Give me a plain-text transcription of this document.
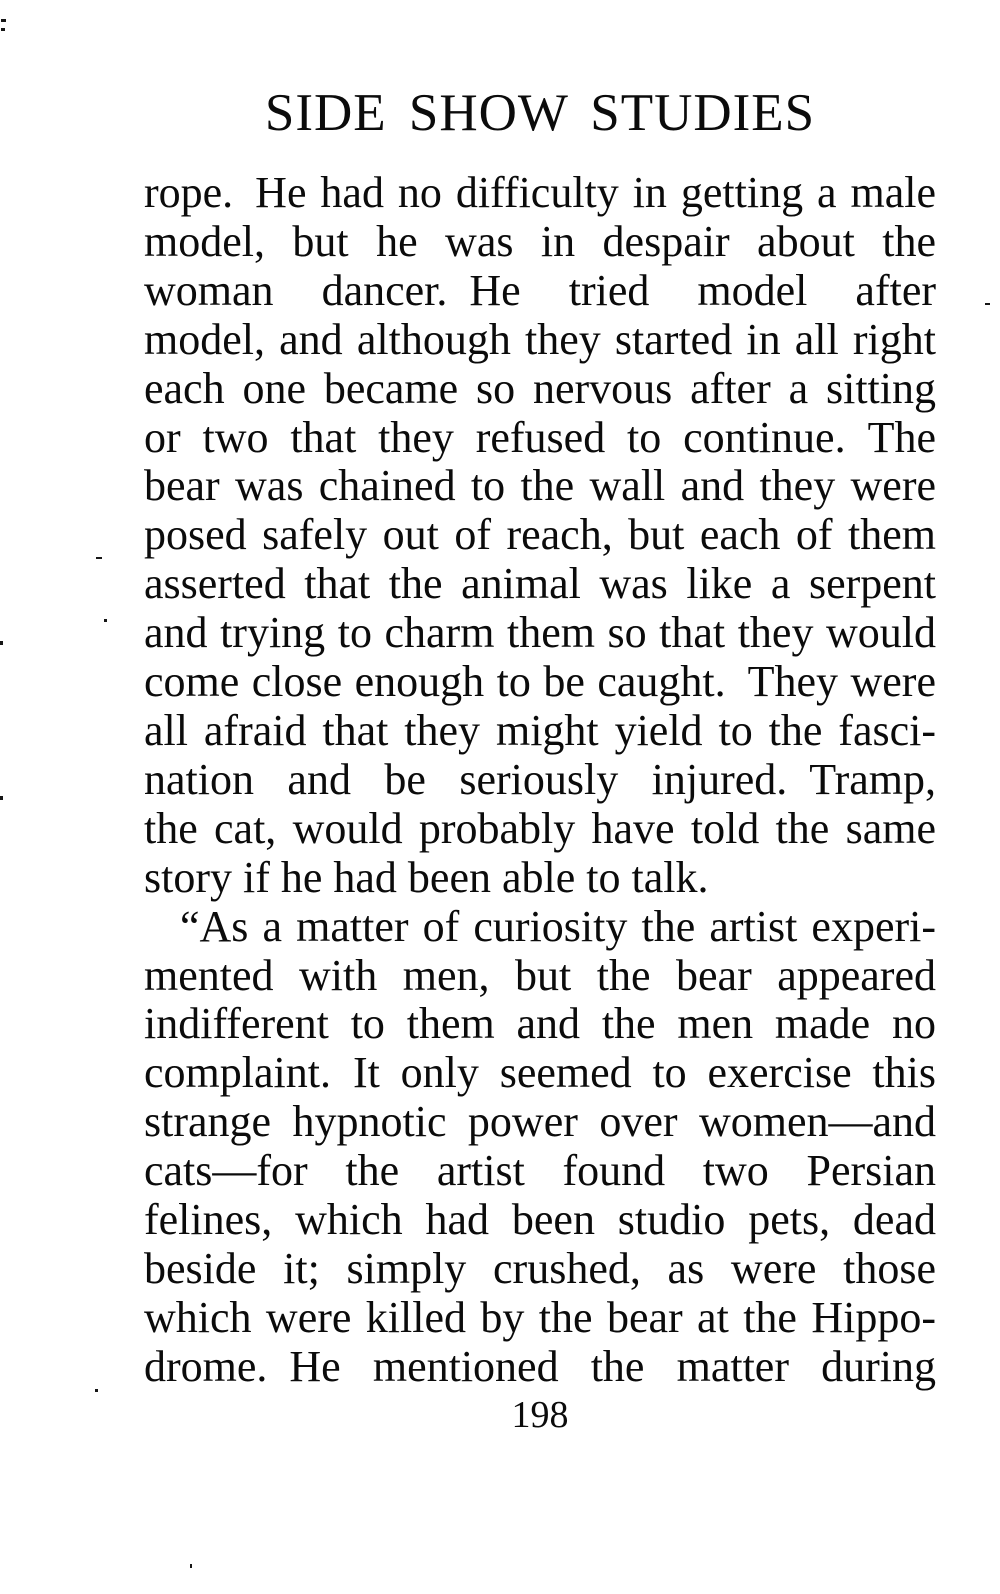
SIDE SHOW STUDIES
rope. He had no difficulty in getting a male
model, but he was in despair about the
woman dancer. He tried model after
model, and although they started in all right
each one became so nervous after a sitting
or two that they refused to continue. The
bear was chained to the wall and they were
posed safely out of reach, but each of them
asserted that the animal was like a serpent
and trying to charm them so that they would
come close enough to be caught. They were
all afraid that they might yield to the fasci-
nation and be seriously injured. Tramp,
the cat, would probably have told the same
story if he had been able to talk.
“As a matter of curiosity the artist experi-
mented with men, but the bear appeared
indifferent to them and the men made no
complaint. It only seemed to exercise this
strange hypnotic power over women—and
cats—for the artist found two Persian
felines, which had been studio pets, dead
beside it; simply crushed, as were those
which were killed by the bear at the Hippo-
drome. He mentioned the matter during
198
